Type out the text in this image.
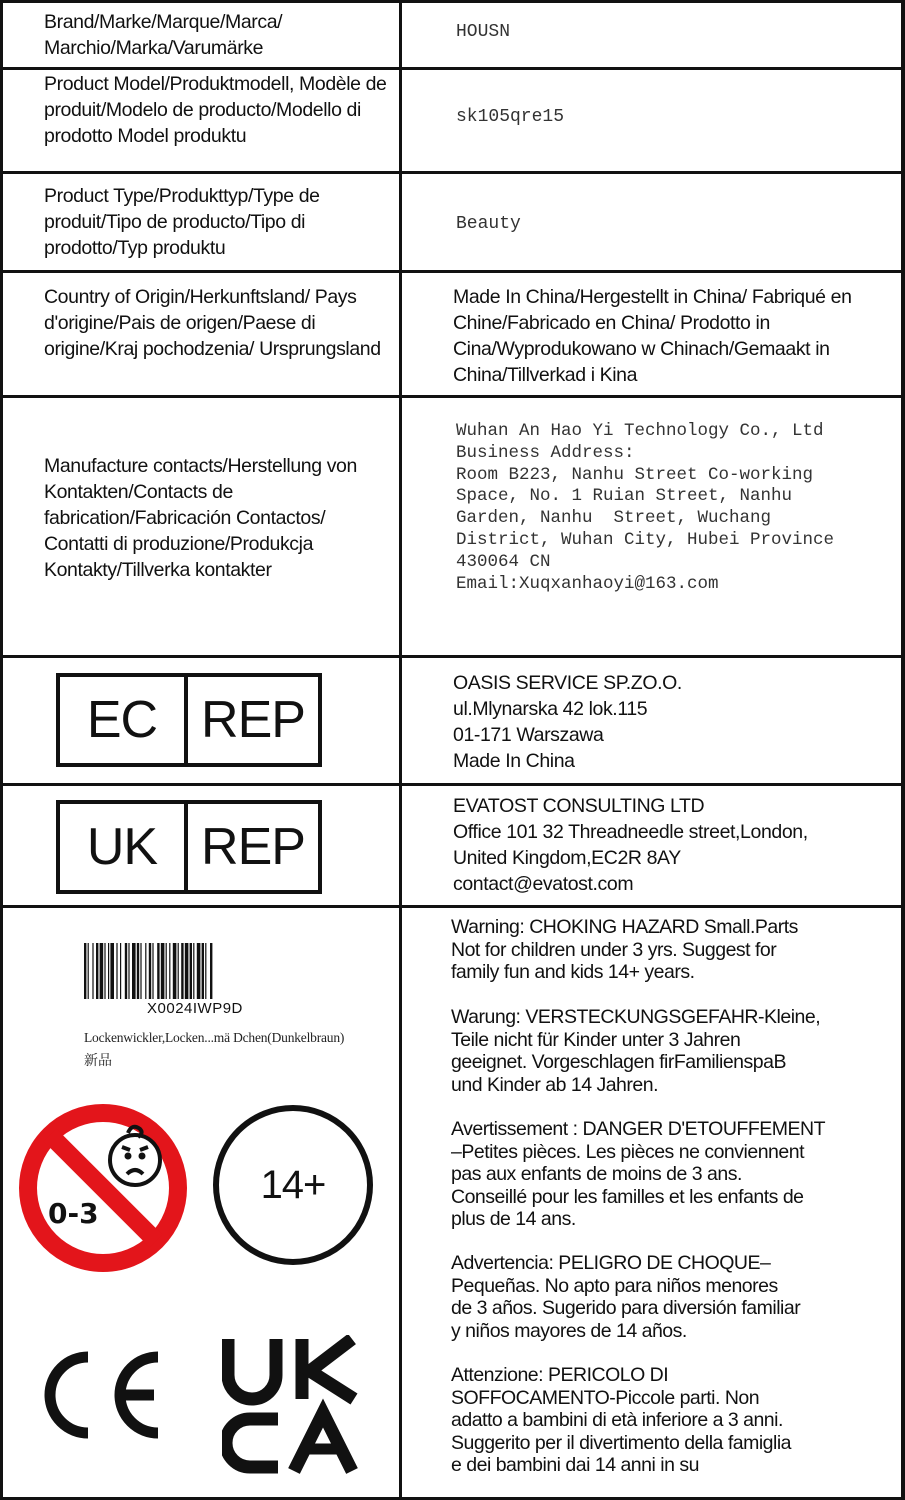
Brand/Marke/Marque/Marca/ Marchio/Marka/Varumärke
HOUSN
Product Model/Produktmodell, Modèle de produit/Modelo de producto/Modello di prodotto Model produktu
sk105qre15
Product Type/Produkttyp/Type de produit/Tipo de producto/Tipo di prodotto/Typ produktu
Beauty
Country of Origin/Herkunftsland/ Pays d'origine/Pais de origen/Paese di origine/Kraj pochodzenia/ Ursprungsland
Made In China/Hergestellt in China/ Fabriqué en Chine/Fabricado en China/ Prodotto in Cina/Wyprodukowano w Chinach/Gemaakt in China/Tillverkad i Kina
Manufacture contacts/Herstellung von Kontakten/Contacts de fabrication/Fabricación Contactos/ Contatti di produzione/Produkcja Kontakty/Tillverka kontakter
Wuhan An Hao Yi Technology Co., Ltd
Business Address:
Room B223, Nanhu Street Co-working
Space, No. 1 Ruian Street, Nanhu
Garden, Nanhu  Street, Wuchang
District, Wuhan City, Hubei Province
430064 CN
Email:Xuqxanhaoyi@163.com
EC REP
OASIS SERVICE SP.ZO.O.
ul.Mlynarska 42 lok.115
01-171 Warszawa
Made In China
UK REP
EVATOST CONSULTING LTD
Office 101 32 Threadneedle street,London,
United Kingdom,EC2R 8AY
contact@evatost.com
X0024IWP9D
Lockenwickler,Locken...mä Dchen(Dunkelbraun)
新品
0-3
14+
Warning: CHOKING HAZARD Small.Parts
Not for children under 3 yrs. Suggest for
family fun and kids 14+ years.
Warung: VERSTECKUNGSGEFAHR-Kleine,
Teile nicht für Kinder unter 3 Jahren
geeignet. Vorgeschlagen firFamilienspaB
und Kinder ab 14 Jahren.
Avertissement : DANGER D'ETOUFFEMENT
–Petites pièces. Les pièces ne conviennent
pas aux enfants de moins de 3 ans.
Conseillé pour les familles et les enfants de
plus de 14 ans.
Advertencia: PELIGRO DE CHOQUE–
Pequeñas. No apto para niños menores
de 3 años. Sugerido para diversión familiar
y niños mayores de 14 años.
Attenzione: PERICOLO DI
SOFFOCAMENTO-Piccole parti. Non
adatto a bambini di età inferiore a 3 anni.
Suggerito per il divertimento della famiglia
e dei bambini dai 14 anni in su
